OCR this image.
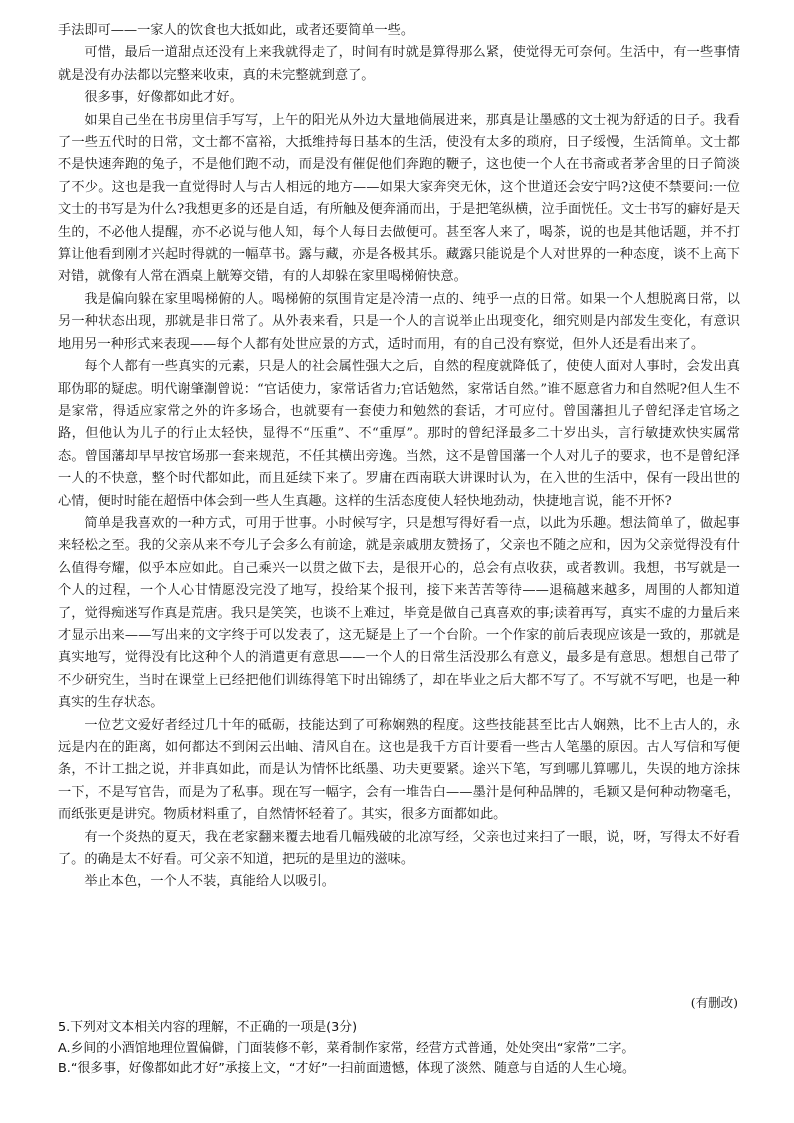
手法即可——一家人的饮食也大抵如此，或者还要简单一些。

可惜，最后一道甜点还没有上来我就得走了，时间有时就是算得那么紧，使觉得无可奈何。生活中，有一些事情就是没有办法都以完整来收束，真的未完整就到意了。

很多事，好像都如此才好。

如果自己坐在书房里信手写写，上午的阳光从外边大量地倘展进来，那真是让墨感的文士视为舒适的日子。我看了一些五代时的日常，文士都不富裕，大抵维持每日基本的生活，使没有太多的琐府，日子绥慢，生活简单。文士都不是快速奔跑的兔子，不是他们跑不动，而是没有催促他们奔跑的鞭子，这也使一个人在书斋或者茅舍里的日子简淡了不少。这也是我一直觉得时人与古人相远的地方——如果大家奔突无休，这个世道还会安宁吗?这使不禁要问:一位文士的书写是为什么?我想更多的还是自适，有所触及便奔涌而出，于是把笔纵横，泣手面恍任。文士书写的癖好是天生的，不必他人提醒，亦不必说与他人知，每个人每日去做便可。甚至客人来了，喝茶，说的也是其他话题，并不打算让他看到刚才兴起时得就的一幅草书。露与藏，亦是各极其乐。藏露只能说是个人对世界的一种态度，谈不上高下对错，就像有人常在酒桌上觥筹交错，有的人却躲在家里喝梯俯快意。

我是偏向躲在家里喝梯俯的人。喝梯俯的氛围肯定是冷清一点的、纯乎一点的日常。如果一个人想脱离日常，以另一种状态出现，那就是非日常了。从外表来看，只是一个人的言说举止出现变化，细究则是内部发生变化，有意识地用另一种形式来表现——每个人都有处世应景的方式，适时而用，有的自己没有察觉，但外人还是看出来了。

每个人都有一些真实的元素，只是人的社会属性强大之后，自然的程度就降低了，使使人面对人事时，会发出真耶伪耶的疑虑。明代谢肇淛曾说：“官话使力，家常话省力;官话勉然，家常话自然。”谁不愿意省力和自然呢?但人生不是家常，得适应家常之外的许多场合，也就要有一套使力和勉然的套话，才可应付。曾国藩担儿子曾纪泽走官场之路，但他认为儿子的行止太轻快，显得不“压重”、不“重厚”。那时的曾纪泽最多二十岁出头，言行敏捷欢快实属常态。曾国藩却早早按官场那一套来规范，不任其横出旁逸。当然，这不是曾国藩一个人对儿子的要求，也不是曾纪泽一人的不快意，整个时代都如此，而且延续下来了。罗庸在西南联大讲课时认为，在入世的生活中，保有一段出世的心情，便时时能在超悟中体会到一些人生真趣。这样的生活态度使人轻快地劲动，快捷地言说，能不开怀?

简单是我喜欢的一种方式，可用于世事。小时候写字，只是想写得好看一点，以此为乐趣。想法简单了，做起事来轻松之至。我的父亲从来不夸儿子会多么有前途，就是亲戚朋友赞扬了，父亲也不随之应和，因为父亲觉得没有什么值得夸耀，似乎本应如此。自己乘兴一以贯之做下去，是很开心的，总会有点收获，或者教训。我想，书写就是一个人的过程，一个人心甘情愿没完没了地写，投给某个报刊，接下来苦苦等待——退稿越来越多，周围的人都知道了，觉得痴迷写作真是荒唐。我只是笑笑，也谈不上难过，毕竟是做自己真喜欢的事;读着再写，真实不虚的力量后来才显示出来——写出来的文字终于可以发表了，这无疑是上了一个台阶。一个作家的前后表现应该是一致的，那就是真实地写，觉得没有比这种个人的消遣更有意思——一个人的日常生活没那么有意义，最多是有意思。想想自己带了不少研究生，当时在课堂上已经把他们训练得笔下时出锦绣了，却在毕业之后大都不写了。不写就不写吧，也是一种真实的生存状态。

一位艺文爱好者经过几十年的砥砺，技能达到了可称娴熟的程度。这些技能甚至比古人娴熟，比不上古人的，永远是内在的距离，如何都达不到闲云出岫、清风自在。这也是我千方百计要看一些古人笔墨的原因。古人写信和写便条，不计工拙之说，并非真如此，而是认为情怀比纸墨、功夫更要紧。途兴下笔，写到哪儿算哪儿，失误的地方涂抹一下，不是写官告，而是为了私事。现在写一幅字，会有一堆告白——墨汁是何种品牌的，毛颖又是何种动物毫毛，而纸张更是讲究。物质材料重了，自然情怀轻着了。其实，很多方面都如此。

有一个炎热的夏天，我在老家翻来覆去地看几幅残破的北凉写经，父亲也过来扫了一眼，说，呀，写得太不好看了。的确是太不好看。可父亲不知道，把玩的是里边的滋味。

举止本色，一个人不装，真能给人以吸引。

(有删改)
5.下列对文本相关内容的理解，不正确的一项是(3分)
A.乡间的小酒馆地理位置偏僻，门面装修不彰，菜肴制作家常，经营方式普通，处处突出“家常”二字。
B.“很多事，好像都如此才好”承接上文，“才好”一扫前面遗憾，体现了淡然、随意与自适的人生心境。
